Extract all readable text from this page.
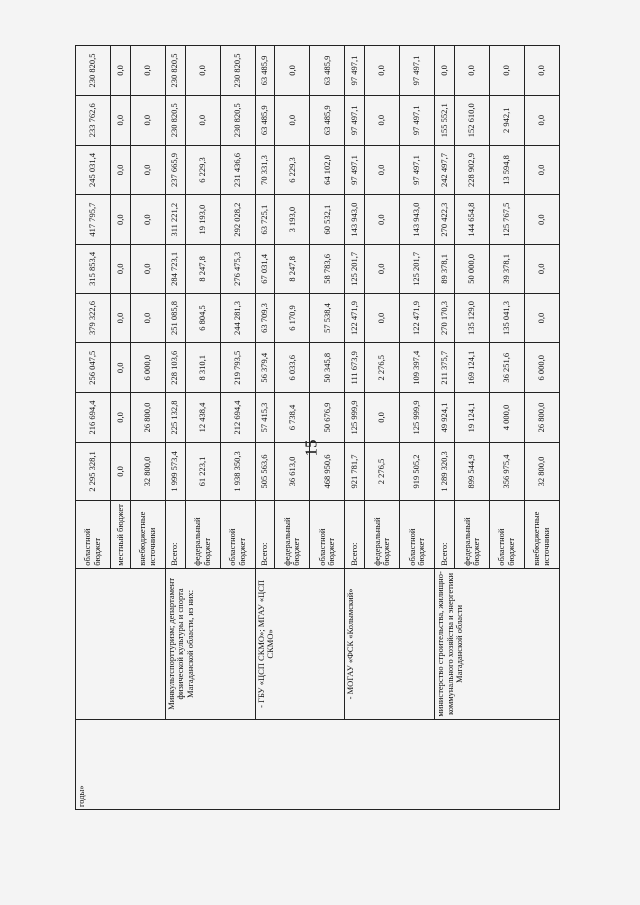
15
годы»		областной бюджет	2 295 328,1	216 694,4	256 047,5	379 322,6	315 853,4	417 795,7	245 031,4	233 762,6	230 820,5
		местный бюджет	0,0	0,0	0,0	0,0	0,0	0,0	0,0	0,0	0,0
		внебюджетные источники	32 800,0	26 800,0	6 000,0	0,0	0,0	0,0	0,0	0,0	0,0
	Минкультспорттуризм; департамент физической культуры и спорта Магаданской области, из них:	Всего:	1 999 573,4	225 132,8	228 103,6	251 085,8	284 723,1	311 221,2	237 665,9	230 820,5	230 820,5
		федеральный бюджет	61 223,1	12 438,4	8 310,1	6 804,5	8 247,8	19 193,0	6 229,3	0,0	0,0
		областной бюджет	1 938 350,3	212 694,4	219 793,5	244 281,3	276 475,3	292 028,2	231 436,6	230 820,5	230 820,5
	- ГБУ «ЦСП СКМО»; МГАУ «ЦСП СКМО»	Всего:	505 563,6	57 415,3	56 379,4	63 709,3	67 031,4	63 725,1	70 331,3	63 485,9	63 485,9
		федеральный бюджет	36 613,0	6 738,4	6 033,6	6 170,9	8 247,8	3 193,0	6 229,3	0,0	0,0
		областной бюджет	468 950,6	50 676,9	50 345,8	57 538,4	58 783,6	60 532,1	64 102,0	63 485,9	63 485,9
	- МОГАУ «ФСК «Колымский»	Всего:	921 781,7	125 999,9	111 673,9	122 471,9	125 201,7	143 943,0	97 497,1	97 497,1	97 497,1
		федеральный бюджет	2 276,5	0,0	2 276,5	0,0	0,0	0,0	0,0	0,0	0,0
		областной бюджет	919 505,2	125 999,9	109 397,4	122 471,9	125 201,7	143 943,0	97 497,1	97 497,1	97 497,1
	министерство строительства, жилищно-коммунального хозяйства и энергетики Магаданской области	Всего:	1 289 320,3	49 924,1	211 375,7	270 170,3	89 378,1	270 422,3	242 497,7	155 552,1	0,0
		федеральный бюджет	899 544,9	19 124,1	169 124,1	135 129,0	50 000,0	144 654,8	228 902,9	152 610,0	0,0
		областной бюджет	356 975,4	4 000,0	36 251,6	135 041,3	39 378,1	125 767,5	13 594,8	2 942,1	0,0
		внебюджетные источники	32 800,0	26 800,0	6 000,0	0,0	0,0	0,0	0,0	0,0	0,0
